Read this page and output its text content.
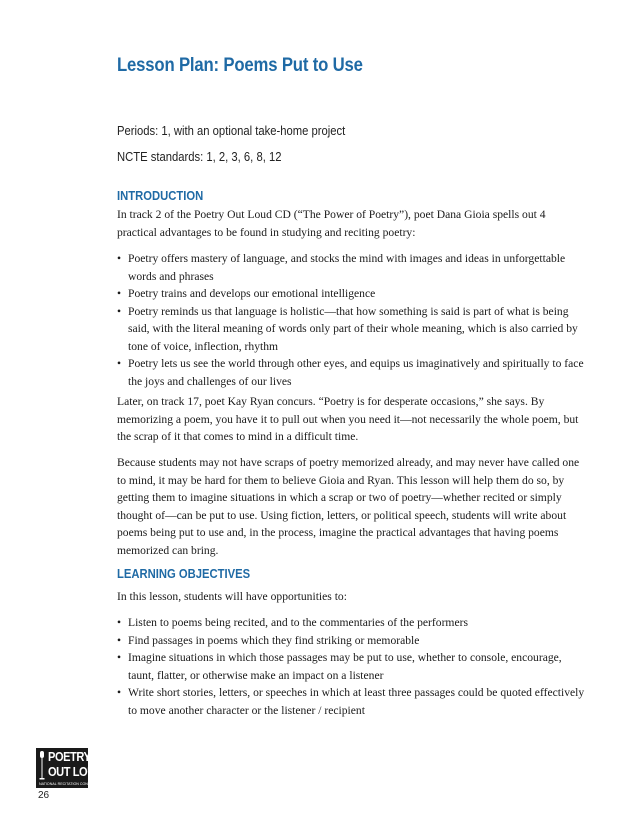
Lesson Plan: Poems Put to Use
Periods: 1, with an optional take-home project
NCTE standards: 1, 2, 3, 6, 8, 12
INTRODUCTION

In track 2 of the Poetry Out Loud CD (“The Power of Poetry”), poet Dana Gioia spells out 4 practical advantages to be found in studying and reciting poetry:

• Poetry offers mastery of language, and stocks the mind with images and ideas in unforgettable words and phrases
• Poetry trains and develops our emotional intelligence
• Poetry reminds us that language is holistic—that how something is said is part of what is being said, with the literal meaning of words only part of their whole meaning, which is also carried by tone of voice, inflection, rhythm
• Poetry lets us see the world through other eyes, and equips us imaginatively and spiritually to face the joys and challenges of our lives

Later, on track 17, poet Kay Ryan concurs. “Poetry is for desperate occasions,” she says. By memorizing a poem, you have it to pull out when you need it—not necessarily the whole poem, but the scrap of it that comes to mind in a difficult time.

Because students may not have scraps of poetry memorized already, and may never have called one to mind, it may be hard for them to believe Gioia and Ryan. This lesson will help them do so, by getting them to imagine situations in which a scrap or two of poetry—whether recited or simply thought of—can be put to use. Using fiction, letters, or political speech, students will write about poems being put to use and, in the process, imagine the practical advantages that having poems memorized can bring.

LEARNING OBJECTIVES

In this lesson, students will have opportunities to:

• Listen to poems being recited, and to the commentaries of the performers
• Find passages in poems which they find striking or memorable
• Imagine situations in which those passages may be put to use, whether to console, encourage, taunt, flatter, or otherwise make an impact on a listener
• Write short stories, letters, or speeches in which at least three passages could be quoted effectively to move another character or the listener / recipient
POETRY
OUT LOUD
NATIONAL RECITATION CONTEST
26
